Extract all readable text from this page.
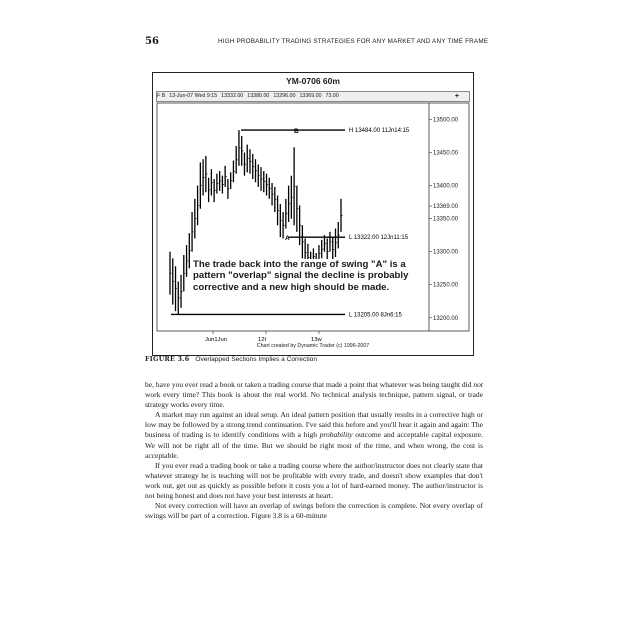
56	HIGH PROBABILITY TRADING STRATEGIES FOR ANY MARKET AND ANY TIME FRAME
YM-0706 60m
F B 13-Jun-07 Wed 9:15 13332.00 13380.00 13296.00 13369.00 73.00	+
13500.00
13450.00
13400.00
13369.00
13350.00
13300.00
13250.00
13200.00
H 13484.00 11Jn14:15
L 13322.00 12Jn11:15
L 13205.00 8Jn6:15
A
B
Jun1Jun	12t	13w
The trade back into the range of swing "A" is a pattern "overlap" signal the decline is probably corrective and a new high should be made.
Chart created by Dynamic Trader (c) 1996-2007
FIGURE 3.6 Overlapped Sections Implies a Correction

be, have you ever read a book or taken a trading course that made a point that whatever was being taught did not work every time? This book is about the real world. No technical analysis technique, pattern signal, or trade strategy works every time.

A market may run against an ideal setup. An ideal pattern position that usually results in a corrective high or low may be followed by a strong trend continuation. I've said this before and you'll hear it again and again: The business of trading is to identify conditions with a high probability outcome and acceptable capital exposure. We will not be right all of the time. But we should be right most of the time, and when wrong, the cost is acceptable.

If you ever read a trading book or take a trading course where the author/instructor does not clearly state that whatever strategy he is teaching will not be profitable with every trade, and doesn't show examples that don't work out, get out as quickly as possible before it costs you a lot of hard-earned money. The author/instructor is not being honest and does not have your best interests at heart.

Not every correction will have an overlap of swings before the correction is complete. Not every overlap of swings will be part of a correction. Figure 3.8 is a 60-minute
